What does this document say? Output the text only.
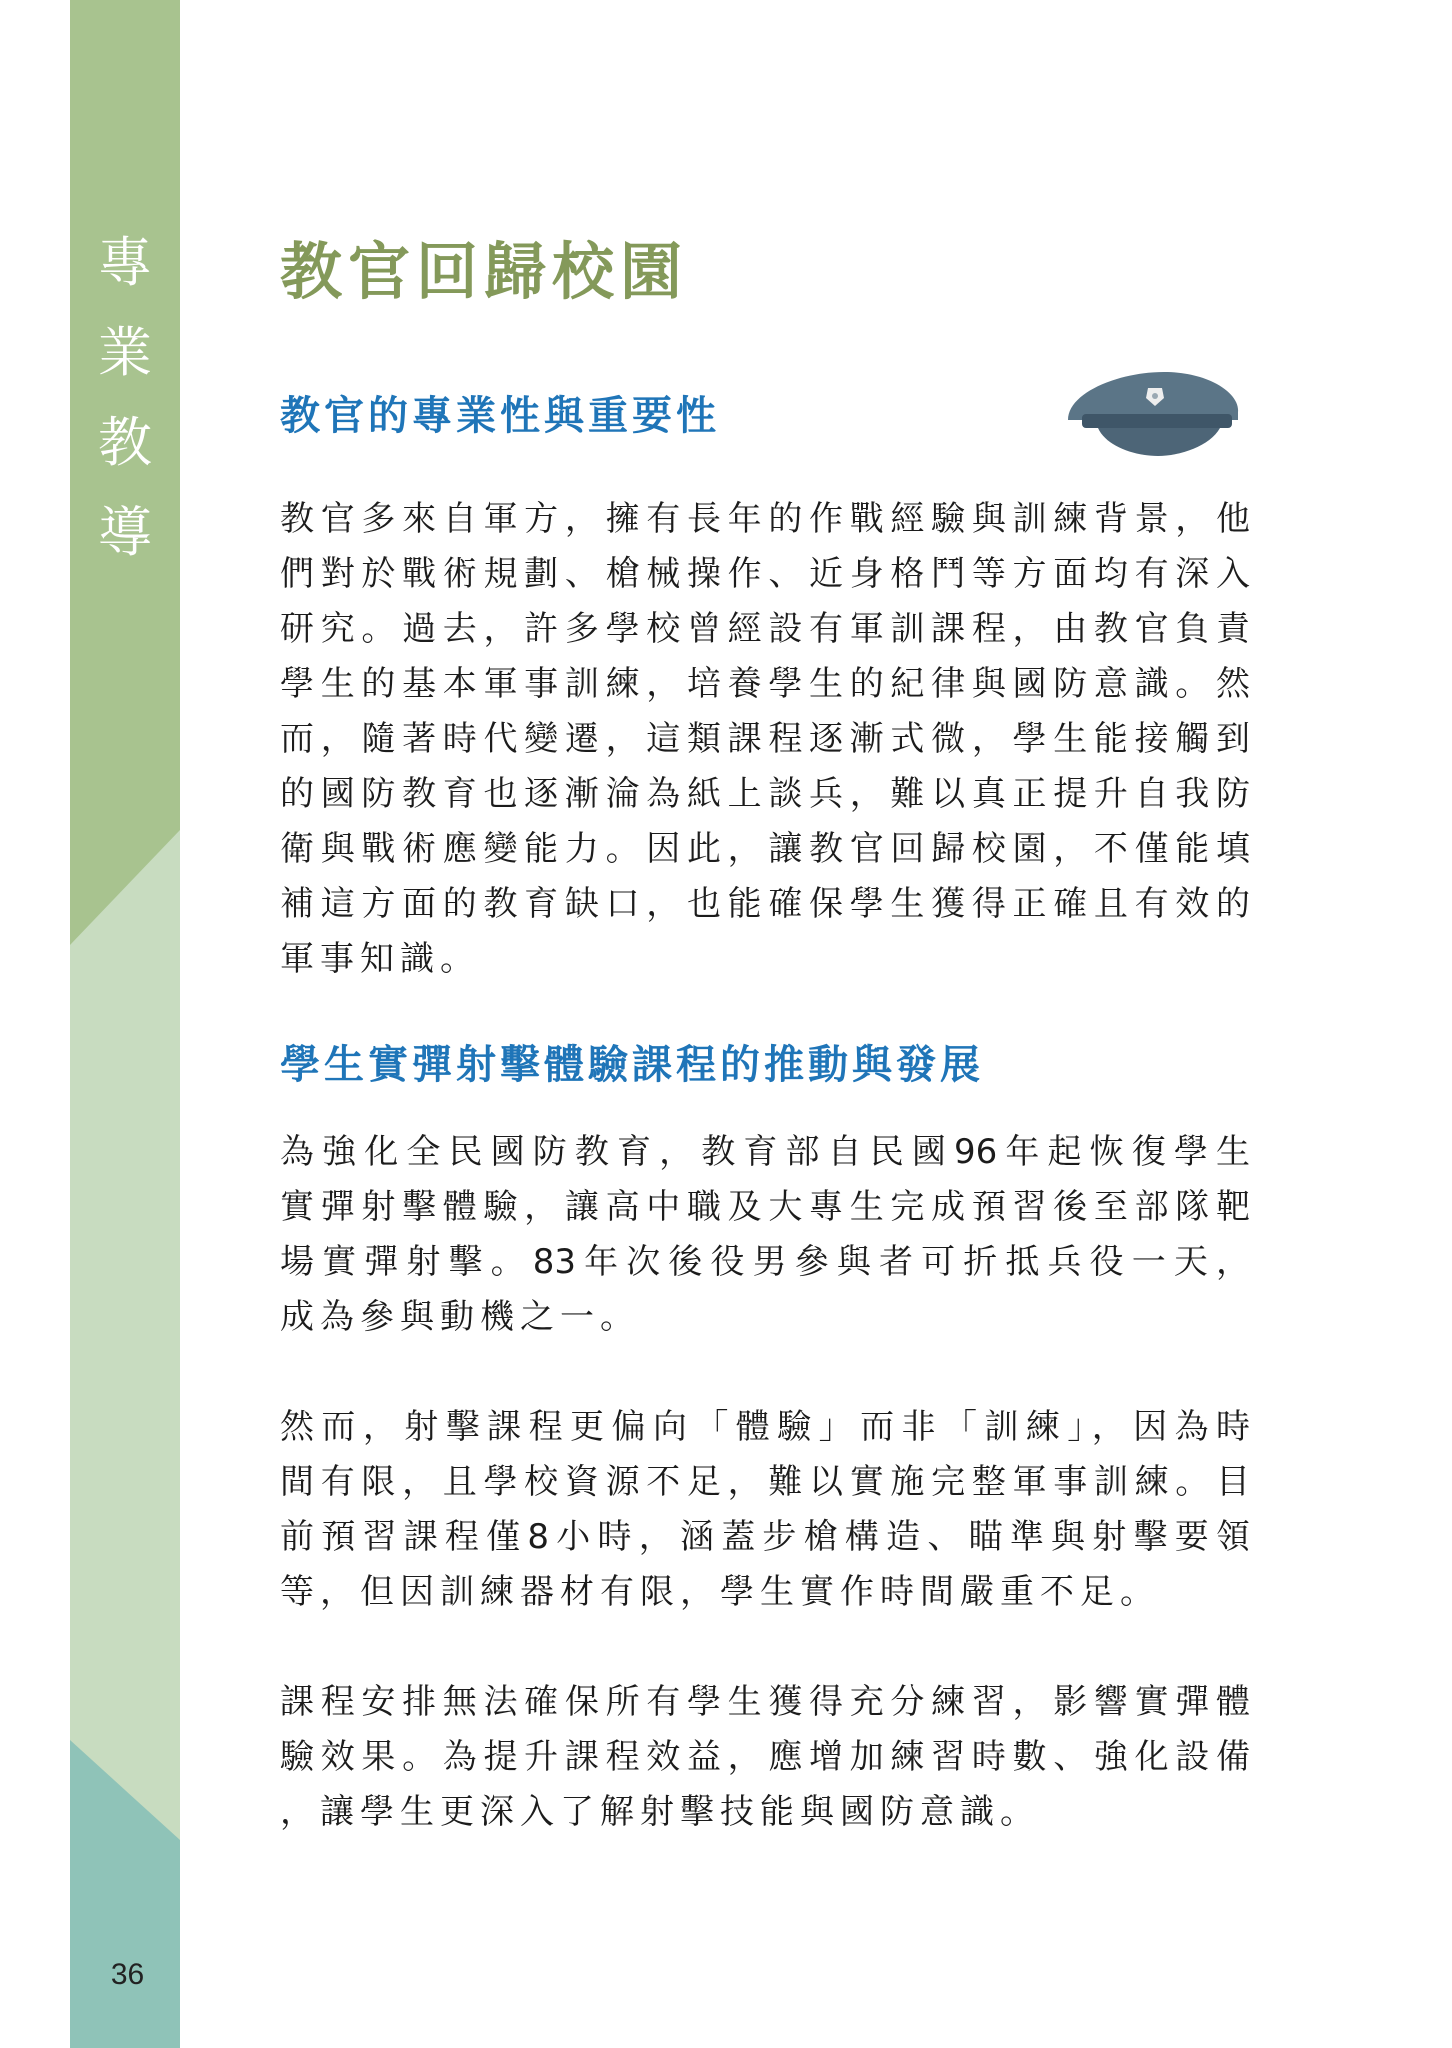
專
業
教
導
36
教官回歸校園
教官的專業性與重要性
教官多來自軍方，擁有長年的作戰經驗與訓練背景，他
們對於戰術規劃、槍械操作、近身格鬥等方面均有深入
研究。過去，許多學校曾經設有軍訓課程，由教官負責
學生的基本軍事訓練，培養學生的紀律與國防意識。然
而，隨著時代變遷，這類課程逐漸式微，學生能接觸到
的國防教育也逐漸淪為紙上談兵，難以真正提升自我防
衛與戰術應變能力。因此，讓教官回歸校園，不僅能填
補這方面的教育缺口，也能確保學生獲得正確且有效的
軍事知識。
學生實彈射擊體驗課程的推動與發展
為強化全民國防教育，教育部自民國96年起恢復學生
實彈射擊體驗，讓高中職及大專生完成預習後至部隊靶
場實彈射擊。83年次後役男參與者可折抵兵役一天，
成為參與動機之一。
然而，射擊課程更偏向「體驗」而非「訓練」，因為時
間有限，且學校資源不足，難以實施完整軍事訓練。目
前預習課程僅8小時，涵蓋步槍構造、瞄準與射擊要領
等，但因訓練器材有限，學生實作時間嚴重不足。
課程安排無法確保所有學生獲得充分練習，影響實彈體
驗效果。為提升課程效益，應增加練習時數、強化設備
，讓學生更深入了解射擊技能與國防意識。
